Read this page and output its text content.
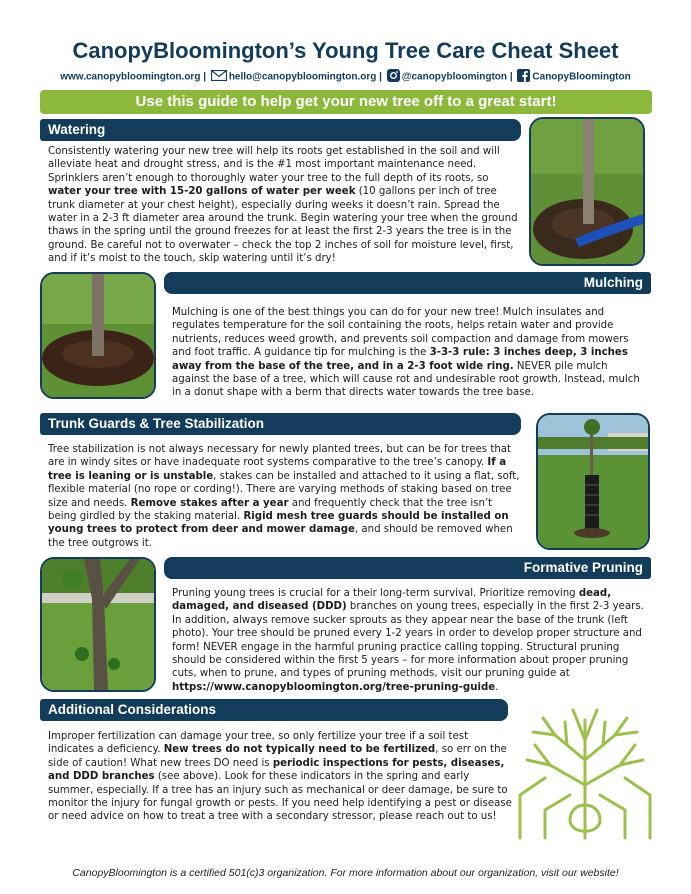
CanopyBloomington’s Young Tree Care Cheat Sheet
www.canopybloomington.org | hello@canopybloomington.org | @canopybloomington | CanopyBloomington
Use this guide to help get your new tree off to a great start!
Watering
Consistently watering your new tree will help its roots get established in the soil and will alleviate heat and drought stress, and is the #1 most important maintenance need. Sprinklers aren’t enough to thoroughly water your tree to the full depth of its roots, so water your tree with 15-20 gallons of water per week (10 gallons per inch of tree trunk diameter at your chest height), especially during weeks it doesn’t rain. Spread the water in a 2-3 ft diameter area around the trunk. Begin watering your tree when the ground thaws in the spring until the ground freezes for at least the first 2-3 years the tree is in the ground. Be careful not to overwater – check the top 2 inches of soil for moisture level, first, and if it’s moist to the touch, skip watering until it’s dry!
Mulching
Mulching is one of the best things you can do for your new tree! Mulch insulates and regulates temperature for the soil containing the roots, helps retain water and provide nutrients, reduces weed growth, and prevents soil compaction and damage from mowers and foot traffic. A guidance tip for mulching is the 3-3-3 rule: 3 inches deep, 3 inches away from the base of the tree, and in a 2-3 foot wide ring. NEVER pile mulch against the base of a tree, which will cause rot and undesirable root growth. Instead, mulch in a donut shape with a berm that directs water towards the tree base.
Trunk Guards & Tree Stabilization
Tree stabilization is not always necessary for newly planted trees, but can be for trees that are in windy sites or have inadequate root systems comparative to the tree’s canopy. If a tree is leaning or is unstable, stakes can be installed and attached to it using a flat, soft, flexible material (no rope or cording!). There are varying methods of staking based on tree size and needs. Remove stakes after a year and frequently check that the tree isn’t being girdled by the staking material. Rigid mesh tree guards should be installed on young trees to protect from deer and mower damage, and should be removed when the tree outgrows it.
Formative Pruning
Pruning young trees is crucial for a their long-term survival. Prioritize removing dead, damaged, and diseased (DDD) branches on young trees, especially in the first 2-3 years. In addition, always remove sucker sprouts as they appear near the base of the trunk (left photo). Your tree should be pruned every 1-2 years in order to develop proper structure and form! NEVER engage in the harmful pruning practice calling topping. Structural pruning should be considered within the first 5 years – for more information about proper pruning cuts, when to prune, and types of pruning methods, visit our pruning guide at https://www.canopybloomington.org/tree-pruning-guide.
Additional Considerations
Improper fertilization can damage your tree, so only fertilize your tree if a soil test indicates a deficiency. New trees do not typically need to be fertilized, so err on the side of caution! What new trees DO need is periodic inspections for pests, diseases, and DDD branches (see above). Look for these indicators in the spring and early summer, especially. If a tree has an injury such as mechanical or deer damage, be sure to monitor the injury for fungal growth or pests. If you need help identifying a pest or disease or need advice on how to treat a tree with a secondary stressor, please reach out to us!
CanopyBloomington is a certified 501(c)3 organization. For more information about our organization, visit our website!
